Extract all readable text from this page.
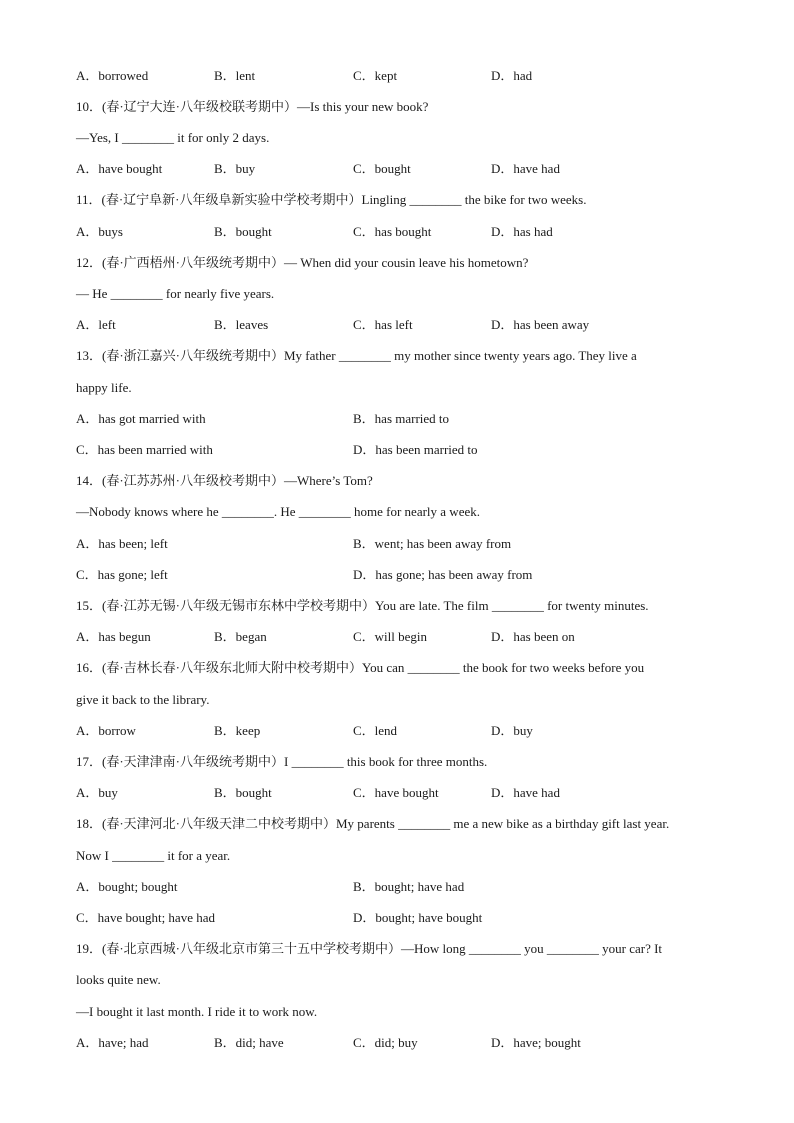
A．borrowed	B．lent	C．kept	D．had
10．(春·辽宁大连·八年级校联考期中）—Is this your new book?
—Yes, I ________ it for only 2 days.
A．have bought	B．buy	C．bought	D．have had
11．(春·辽宁阜新·八年级阜新实验中学校考期中）Lingling ________ the bike for two weeks.
A．buys	B．bought	C．has bought	D．has had
12．(春·广西梧州·八年级统考期中）— When did your cousin leave his hometown?
— He ________ for nearly five years.
A．left	B．leaves	C．has left	D．has been away
13．(春·浙江嘉兴·八年级统考期中）My father ________ my mother since twenty years ago. They live a
happy life.
A．has got married with	B．has married to
C．has been married with	D．has been married to
14．(春·江苏苏州·八年级校考期中）—Where’s Tom?
—Nobody knows where he ________. He ________ home for nearly a week.
A．has been; left	B．went; has been away from
C．has gone; left	D．has gone; has been away from
15．(春·江苏无锡·八年级无锡市东林中学校考期中）You are late. The film ________ for twenty minutes.
A．has begun	B．began	C．will begin	D．has been on
16．(春·吉林长春·八年级东北师大附中校考期中）You can ________ the book for two weeks before you
give it back to the library.
A．borrow	B．keep	C．lend	D．buy
17．(春·天津津南·八年级统考期中）I ________ this book for three months.
A．buy	B．bought	C．have bought	D．have had
18．(春·天津河北·八年级天津二中校考期中）My parents ________ me a new bike as a birthday gift last year.
Now I ________ it for a year.
A．bought; bought	B．bought; have had
C．have bought; have had	D．bought; have bought
19．(春·北京西城·八年级北京市第三十五中学校考期中）—How long ________ you ________ your car? It
looks quite new.
—I bought it last month. I ride it to work now.
A．have; had	B．did; have	C．did; buy	D．have; bought
